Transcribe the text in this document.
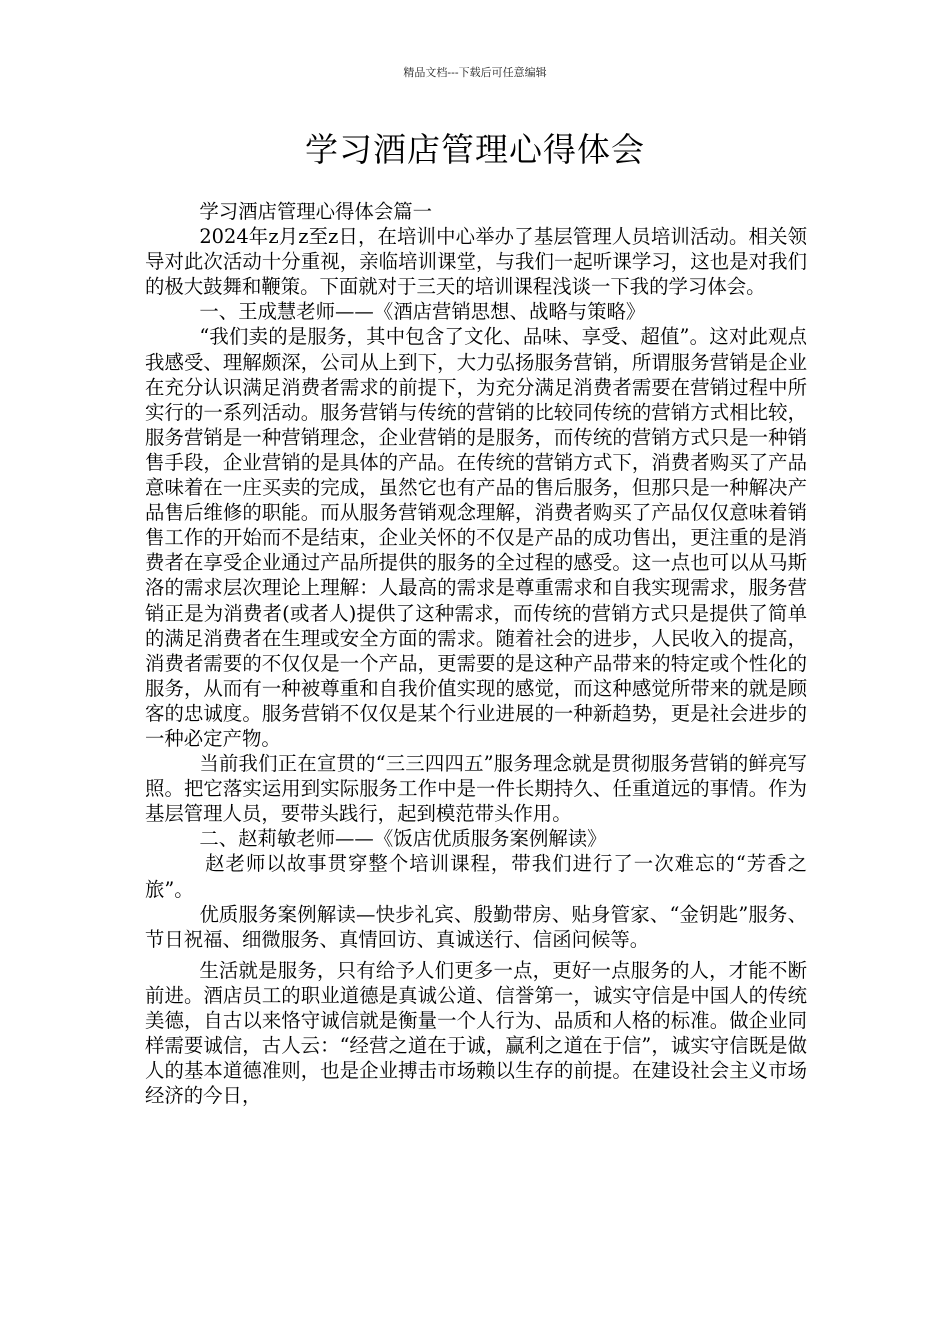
精品文档---下载后可任意编辑
学习酒店管理心得体会

学习酒店管理心得体会篇一

2024年z月z至z日，在培训中心举办了基层管理人员培训活动。相关领导对此次活动十分重视，亲临培训课堂，与我们一起听课学习，这也是对我们的极大鼓舞和鞭策。下面就对于三天的培训课程浅谈一下我的学习体会。

一、王成慧老师——《酒店营销思想、战略与策略》

“我们卖的是服务，其中包含了文化、品味、享受、超值”。这对此观点我感受、理解颇深，公司从上到下，大力弘扬服务营销，所谓服务营销是企业在充分认识满足消费者需求的前提下，为充分满足消费者需要在营销过程中所实行的一系列活动。服务营销与传统的营销的比较同传统的营销方式相比较，服务营销是一种营销理念，企业营销的是服务，而传统的营销方式只是一种销售手段，企业营销的是具体的产品。在传统的营销方式下，消费者购买了产品意味着在一庄买卖的完成，虽然它也有产品的售后服务，但那只是一种解决产品售后维修的职能。而从服务营销观念理解，消费者购买了产品仅仅意味着销售工作的开始而不是结束，企业关怀的不仅是产品的成功售出，更注重的是消费者在享受企业通过产品所提供的服务的全过程的感受。这一点也可以从马斯洛的需求层次理论上理解：人最高的需求是尊重需求和自我实现需求，服务营销正是为消费者(或者人)提供了这种需求，而传统的营销方式只是提供了简单的满足消费者在生理或安全方面的需求。随着社会的进步，人民收入的提高，消费者需要的不仅仅是一个产品，更需要的是这种产品带来的特定或个性化的服务，从而有一种被尊重和自我价值实现的感觉，而这种感觉所带来的就是顾客的忠诚度。服务营销不仅仅是某个行业进展的一种新趋势，更是社会进步的一种必定产物。

当前我们正在宣贯的“三三四四五”服务理念就是贯彻服务营销的鲜亮写照。把它落实运用到实际服务工作中是一件长期持久、任重道远的事情。作为基层管理人员，要带头践行，起到模范带头作用。

二、赵莉敏老师——《饭店优质服务案例解读》

赵老师以故事贯穿整个培训课程，带我们进行了一次难忘的“芳香之旅”。

优质服务案例解读—快步礼宾、殷勤带房、贴身管家、“金钥匙”服务、节日祝福、细微服务、真情回访、真诚送行、信函问候等。

生活就是服务，只有给予人们更多一点，更好一点服务的人，才能不断前进。酒店员工的职业道德是真诚公道、信誉第一，诚实守信是中国人的传统美德，自古以来恪守诚信就是衡量一个人行为、品质和人格的标准。做企业同样需要诚信，古人云：“经营之道在于诚，赢利之道在于信”，诚实守信既是做人的基本道德准则，也是企业搏击市场赖以生存的前提。在建设社会主义市场经济的今日，
